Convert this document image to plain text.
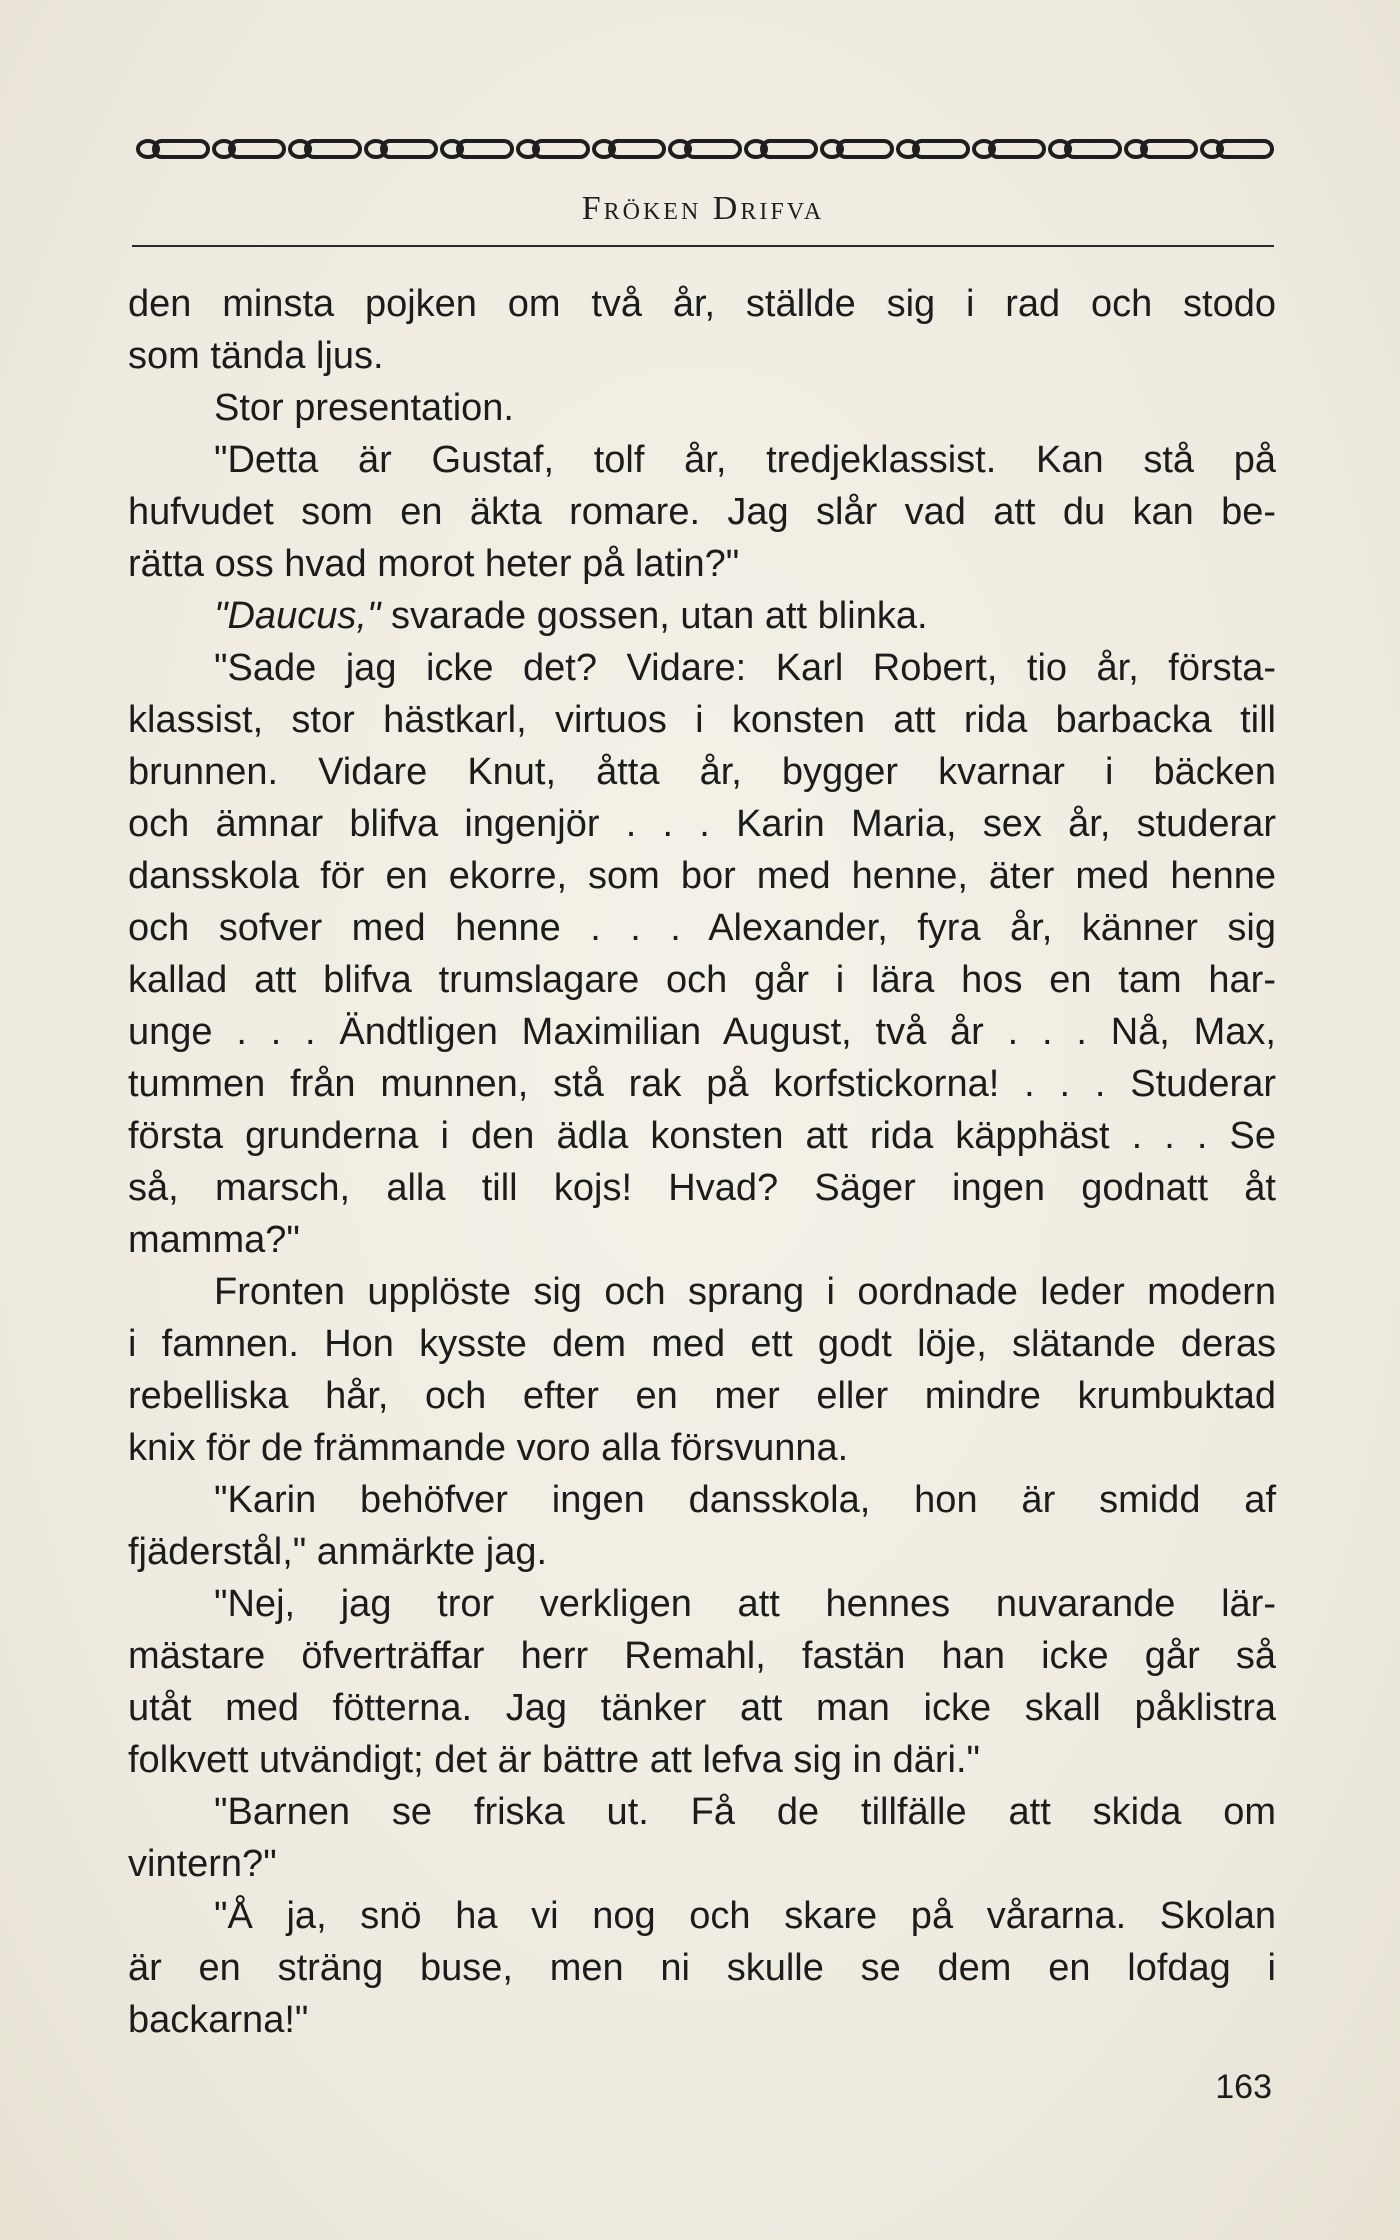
Fröken Drifva
den minsta pojken om två år, ställde sig i rad och stodo
som tända ljus.
Stor presentation.
"Detta är Gustaf, tolf år, tredjeklassist. Kan stå på
hufvudet som en äkta romare. Jag slår vad att du kan be-
rätta oss hvad morot heter på latin?"
"Daucus," svarade gossen, utan att blinka.
"Sade jag icke det? Vidare: Karl Robert, tio år, första-
klassist, stor hästkarl, virtuos i konsten att rida barbacka till
brunnen. Vidare Knut, åtta år, bygger kvarnar i bäcken
och ämnar blifva ingenjör . . . Karin Maria, sex år, studerar
dansskola för en ekorre, som bor med henne, äter med henne
och sofver med henne . . . Alexander, fyra år, känner sig
kallad att blifva trumslagare och går i lära hos en tam har-
unge . . . Ändtligen Maximilian August, två år . . . Nå, Max,
tummen från munnen, stå rak på korfstickorna! . . . Studerar
första grunderna i den ädla konsten att rida käpphäst . . . Se
så, marsch, alla till kojs! Hvad? Säger ingen godnatt åt
mamma?"
Fronten upplöste sig och sprang i oordnade leder modern
i famnen. Hon kysste dem med ett godt löje, slätande deras
rebelliska hår, och efter en mer eller mindre krumbuktad
knix för de främmande voro alla försvunna.
"Karin behöfver ingen dansskola, hon är smidd af
fjäderstål," anmärkte jag.
"Nej, jag tror verkligen att hennes nuvarande lär-
mästare öfverträffar herr Remahl, fastän han icke går så
utåt med fötterna. Jag tänker att man icke skall påklistra
folkvett utvändigt; det är bättre att lefva sig in däri."
"Barnen se friska ut. Få de tillfälle att skida om
vintern?"
"Å ja, snö ha vi nog och skare på vårarna. Skolan
är en sträng buse, men ni skulle se dem en lofdag i
backarna!"
163
